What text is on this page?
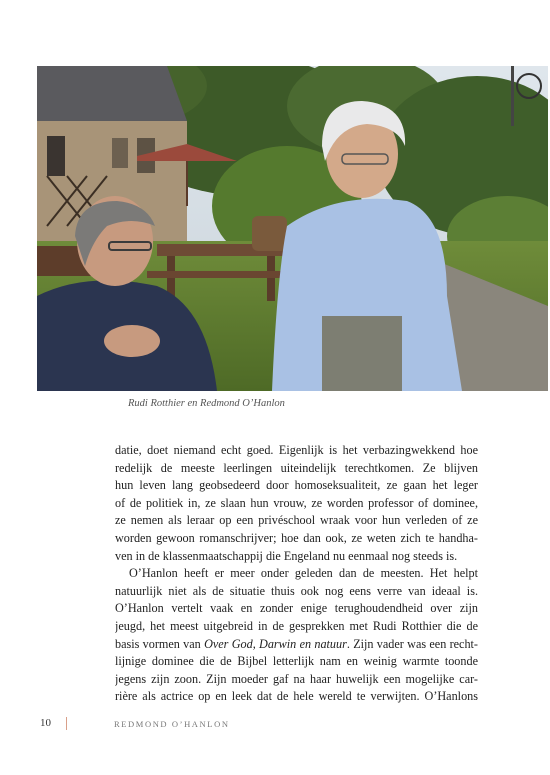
Rudi Rotthier en Redmond O’Hanlon
datie, doet niemand echt goed. Eigenlijk is het verbazingwekkend hoe
redelijk de meeste leerlingen uiteindelijk terechtkomen. Ze blijven
hun leven lang geobsedeerd door homoseksualiteit, ze gaan het leger
of de politiek in, ze slaan hun vrouw, ze worden professor of dominee,
ze nemen als leraar op een privéschool wraak voor hun verleden of ze
worden gewoon romanschrijver; hoe dan ook, ze weten zich te handha-
ven in de klassenmaatschappij die Engeland nu eenmaal nog steeds is.
O’Hanlon heeft er meer onder geleden dan de meesten. Het helpt
natuurlijk niet als de situatie thuis ook nog eens verre van ideaal is.
O’Hanlon vertelt vaak en zonder enige terughoudendheid over zijn
jeugd, het meest uitgebreid in de gesprekken met Rudi Rotthier die de
basis vormen van Over God, Darwin en natuur. Zijn vader was een recht-
lijnige dominee die de Bijbel letterlijk nam en weinig warmte toonde
jegens zijn zoon. Zijn moeder gaf na haar huwelijk een mogelijke car-
rière als actrice op en leek dat de hele wereld te verwijten. O’Hanlons
10	REDMOND O’HANLON
